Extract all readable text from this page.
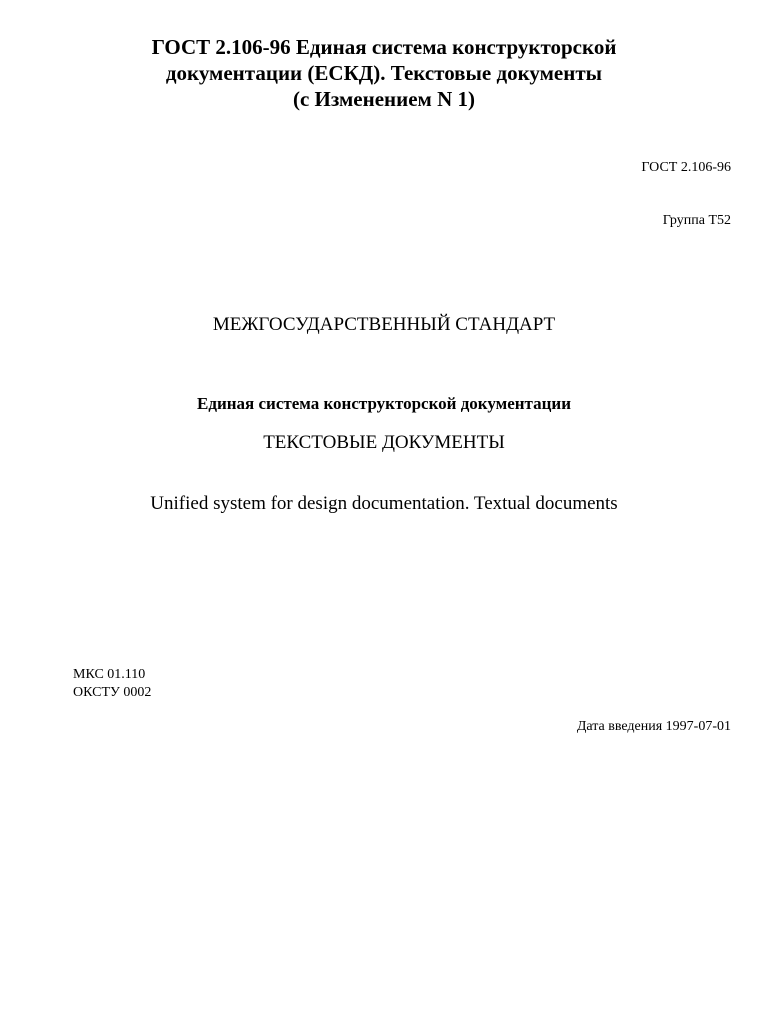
ГОСТ 2.106-96 Единая система конструкторской
документации (ЕСКД). Текстовые документы
(с Изменением N 1)

ГОСТ 2.106-96

Группа Т52

МЕЖГОСУДАРСТВЕННЫЙ СТАНДАРТ

Единая система конструкторской документации

ТЕКСТОВЫЕ ДОКУМЕНТЫ

Unified system for design documentation. Textual documents

МКС 01.110
ОКСТУ 0002

Дата введения 1997-07-01
